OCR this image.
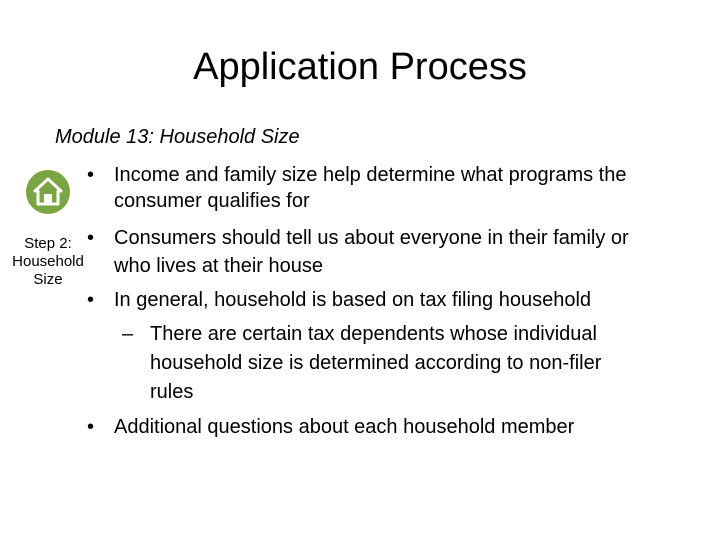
Application Process
Module 13: Household Size
Step 2:
Household
Size
• Income and family size help determine what programs the
consumer qualifies for
• Consumers should tell us about everyone in their family or
who lives at their house
• In general, household is based on tax filing household
– There are certain tax dependents whose individual
household size is determined according to non-filer
rules
• Additional questions about each household member
